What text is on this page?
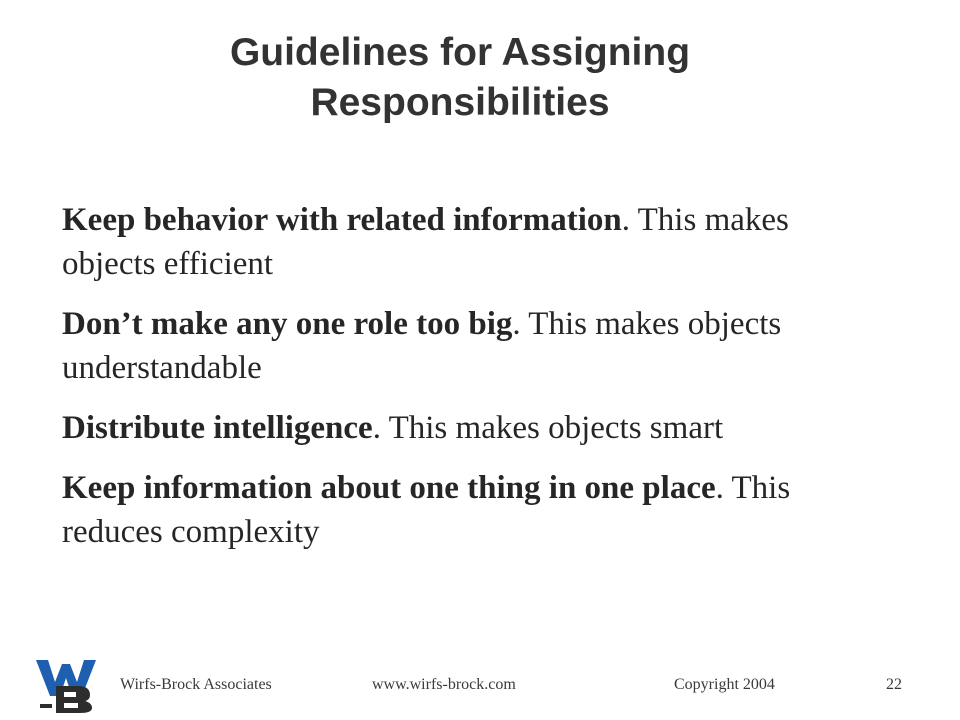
Guidelines for Assigning Responsibilities

Keep behavior with related information. This makes objects efficient

Don’t make any one role too big. This makes objects understandable

Distribute intelligence. This makes objects smart

Keep information about one thing in one place. This reduces complexity

Wirfs-Brock Associates	www.wirfs-brock.com	Copyright 2004	22
